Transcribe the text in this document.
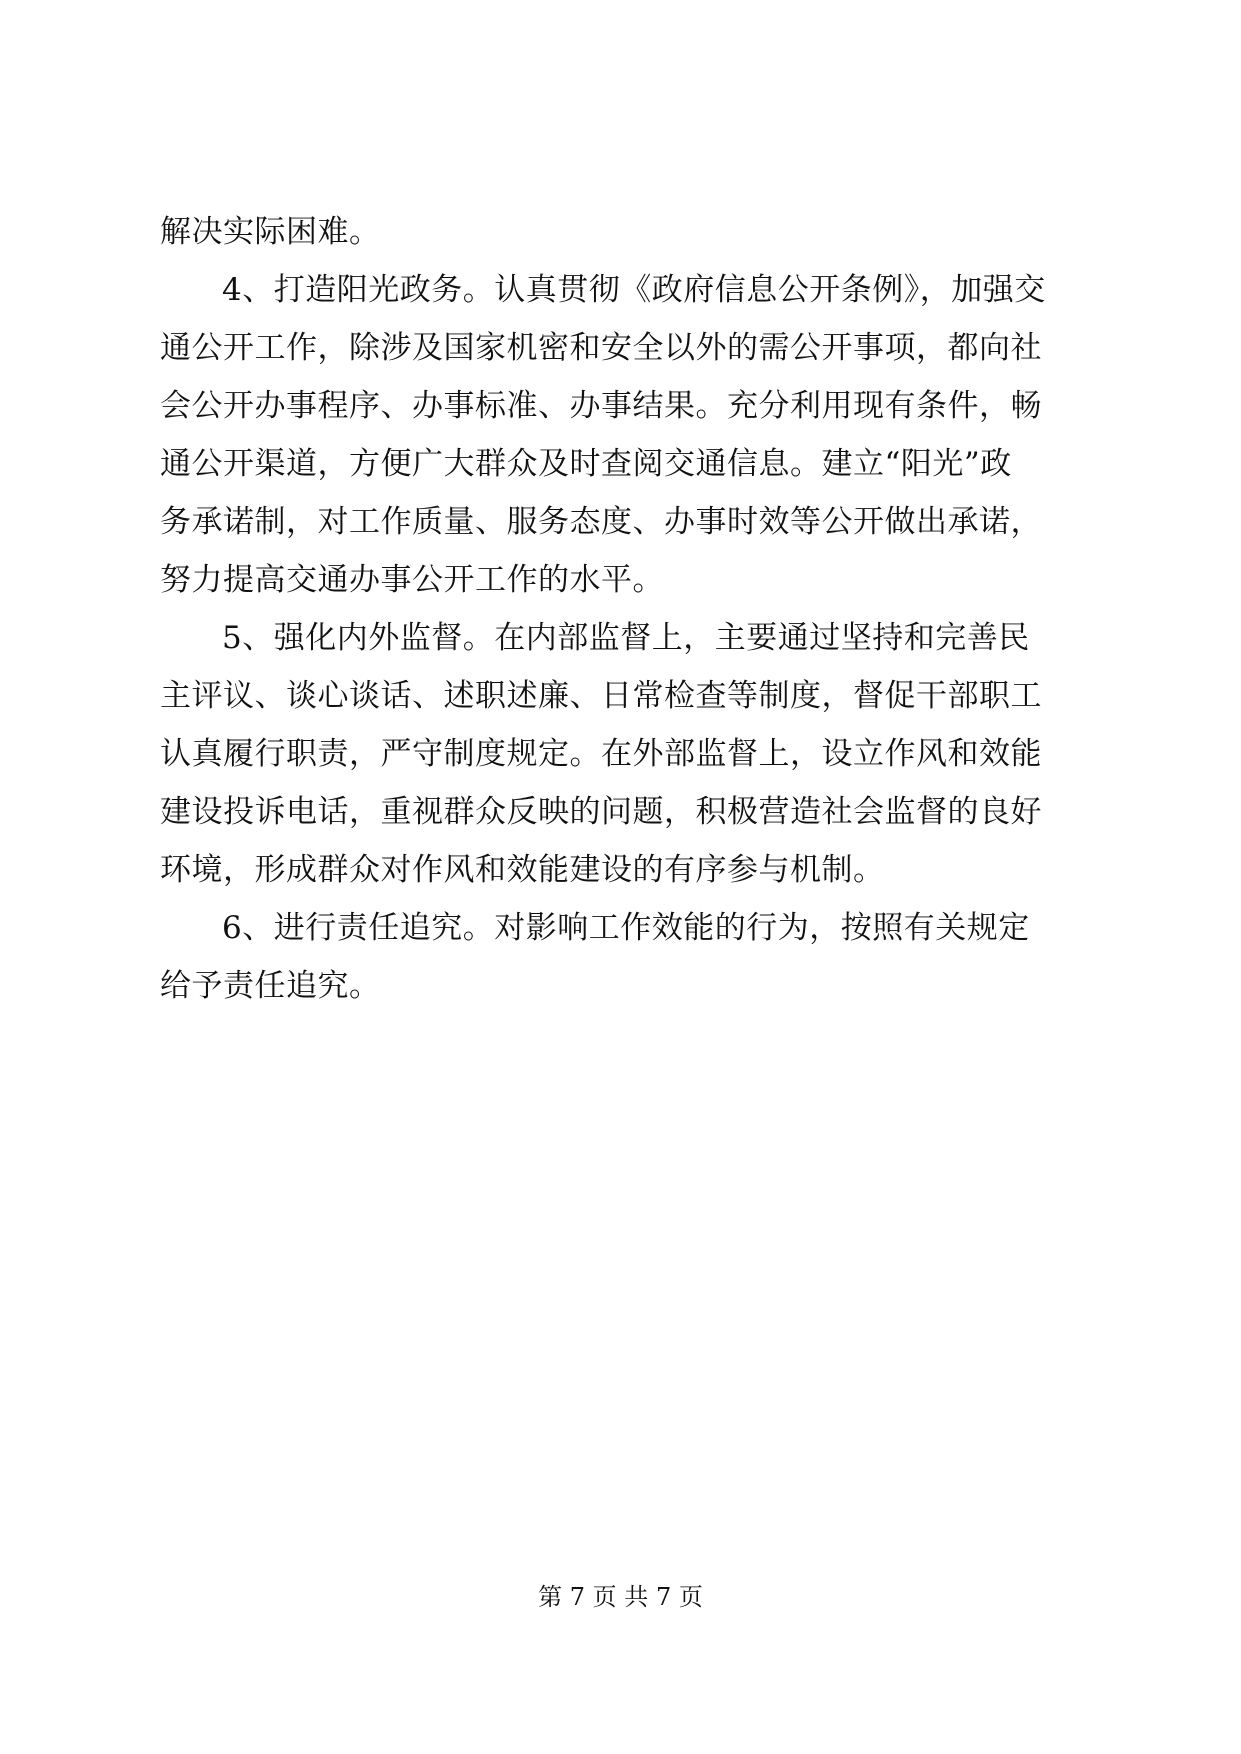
解决实际困难。
4、打造阳光政务。认真贯彻《政府信息公开条例》，加强交
通公开工作，除涉及国家机密和安全以外的需公开事项，都向社
会公开办事程序、办事标准、办事结果。充分利用现有条件，畅
通公开渠道，方便广大群众及时查阅交通信息。建立“阳光”政
务承诺制，对工作质量、服务态度、办事时效等公开做出承诺，
努力提高交通办事公开工作的水平。
5、强化内外监督。在内部监督上，主要通过坚持和完善民
主评议、谈心谈话、述职述廉、日常检查等制度，督促干部职工
认真履行职责，严守制度规定。在外部监督上，设立作风和效能
建设投诉电话，重视群众反映的问题，积极营造社会监督的良好
环境，形成群众对作风和效能建设的有序参与机制。
6、进行责任追究。对影响工作效能的行为，按照有关规定
给予责任追究。
第 7 页 共 7 页
